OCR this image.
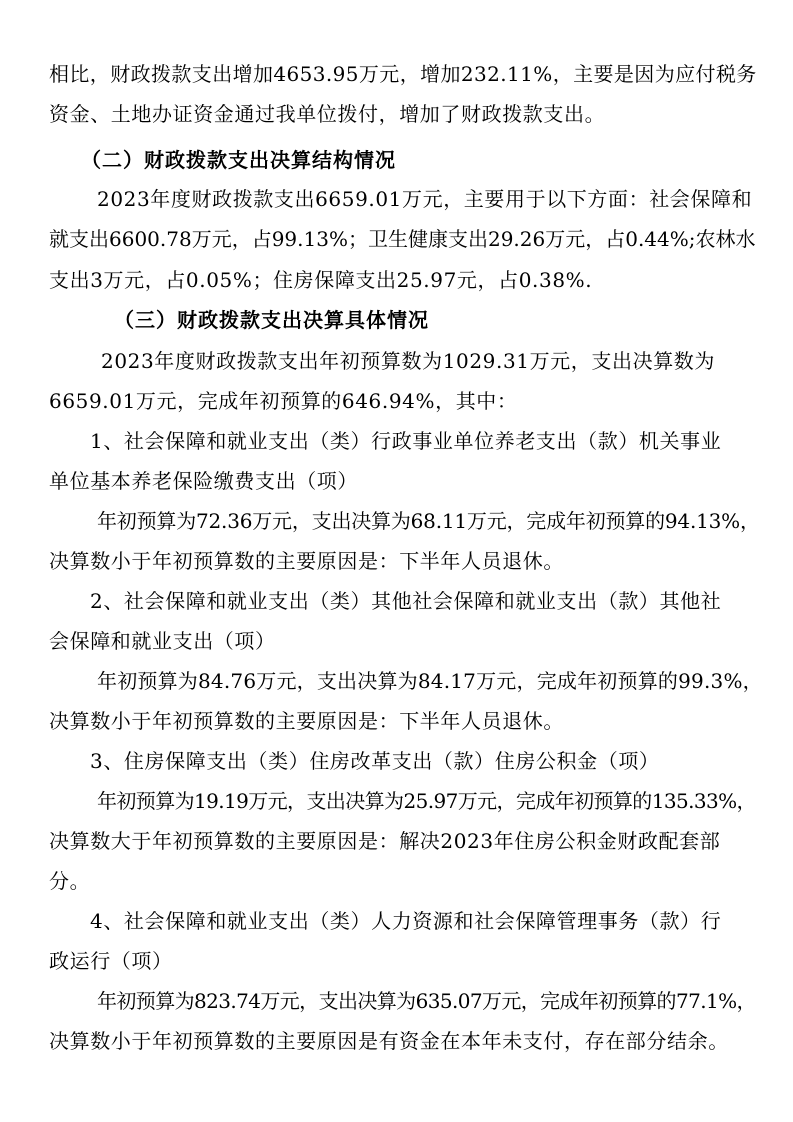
相比，财政拨款支出增加4653.95万元，增加232.11%，主要是因为应付税务

资金、土地办证资金通过我单位拨付，增加了财政拨款支出。

（二）财政拨款支出决算结构情况

2023年度财政拨款支出6659.01万元，主要用于以下方面：社会保障和

就支出6600.78万元，占99.13%；卫生健康支出29.26万元，占0.44%;农林水

支出3万元，占0.05%；住房保障支出25.97元，占0.38%.

（三）财政拨款支出决算具体情况

2023年度财政拨款支出年初预算数为1029.31万元，支出决算数为

6659.01万元，完成年初预算的646.94%，其中：

1、社会保障和就业支出（类）行政事业单位养老支出（款）机关事业

单位基本养老保险缴费支出（项）

年初预算为72.36万元，支出决算为68.11万元，完成年初预算的94.13%，

决算数小于年初预算数的主要原因是：下半年人员退休。

2、社会保障和就业支出（类）其他社会保障和就业支出（款）其他社

会保障和就业支出（项）

年初预算为84.76万元，支出决算为84.17万元，完成年初预算的99.3%，

决算数小于年初预算数的主要原因是：下半年人员退休。

3、住房保障支出（类）住房改革支出（款）住房公积金（项）

年初预算为19.19万元，支出决算为25.97万元，完成年初预算的135.33%，

决算数大于年初预算数的主要原因是：解决2023年住房公积金财政配套部

分。

4、社会保障和就业支出（类）人力资源和社会保障管理事务（款）行

政运行（项）

年初预算为823.74万元，支出决算为635.07万元，完成年初预算的77.1%，

决算数小于年初预算数的主要原因是有资金在本年未支付，存在部分结余。
